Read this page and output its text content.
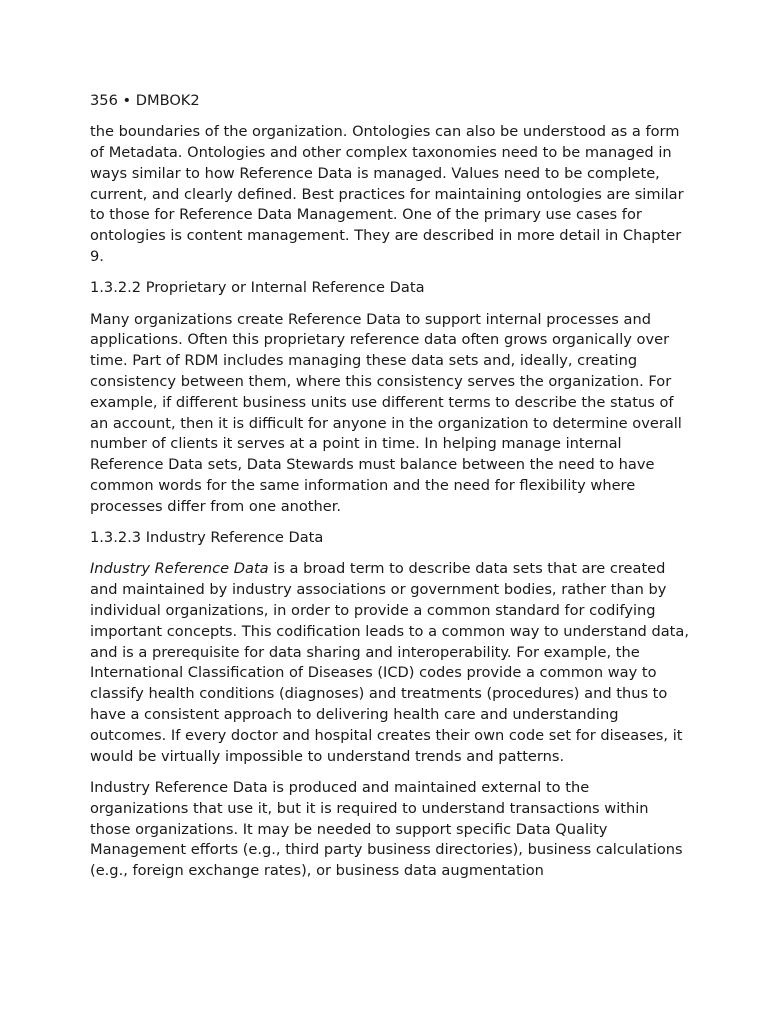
356 • DMBOK2

the boundaries of the organization. Ontologies can also be understood as a form of Metadata. Ontologies and other complex taxonomies need to be managed in ways similar to how Reference Data is managed. Values need to be complete, current, and clearly defined. Best practices for maintaining ontologies are similar to those for Reference Data Management. One of the primary use cases for ontologies is content management. They are described in more detail in Chapter 9.

1.3.2.2 Proprietary or Internal Reference Data

Many organizations create Reference Data to support internal processes and applications. Often this proprietary reference data often grows organically over time. Part of RDM includes managing these data sets and, ideally, creating consistency between them, where this consistency serves the organization. For example, if different business units use different terms to describe the status of an account, then it is difficult for anyone in the organization to determine overall number of clients it serves at a point in time. In helping manage internal Reference Data sets, Data Stewards must balance between the need to have common words for the same information and the need for flexibility where processes differ from one another.

1.3.2.3 Industry Reference Data

Industry Reference Data is a broad term to describe data sets that are created and maintained by industry associations or government bodies, rather than by individual organizations, in order to provide a common standard for codifying important concepts. This codification leads to a common way to understand data, and is a prerequisite for data sharing and interoperability. For example, the International Classification of Diseases (ICD) codes provide a common way to classify health conditions (diagnoses) and treatments (procedures) and thus to have a consistent approach to delivering health care and understanding outcomes. If every doctor and hospital creates their own code set for diseases, it would be virtually impossible to understand trends and patterns.

Industry Reference Data is produced and maintained external to the organizations that use it, but it is required to understand transactions within those organizations. It may be needed to support specific Data Quality Management efforts (e.g., third party business directories), business calculations (e.g., foreign exchange rates), or business data augmentation
